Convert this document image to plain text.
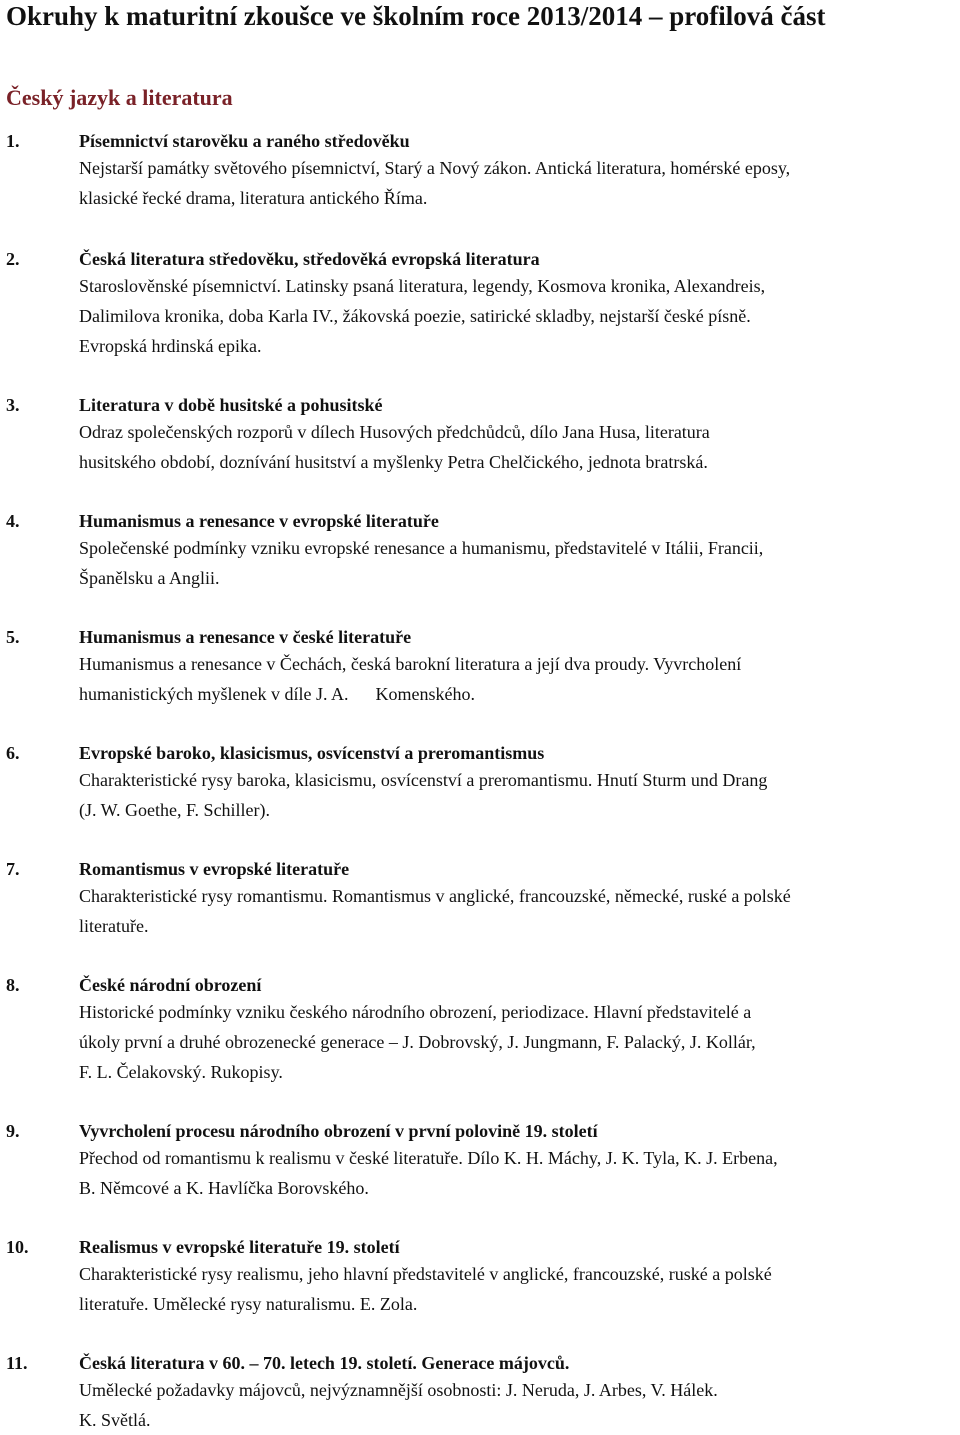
Okruhy k maturitní zkoušce ve školním roce 2013/2014 – profilová část
Český jazyk a literatura
1.	Písemnictví starověku a raného středověku
Nejstarší památky světového písemnictví, Starý a Nový zákon. Antická literatura, homérské eposy,
klasické řecké drama, literatura antického Říma.
2.	Česká literatura středověku, středověká evropská literatura
Staroslověnské písemnictví. Latinsky psaná literatura, legendy, Kosmova kronika, Alexandreis,
Dalimilova kronika, doba Karla IV., žákovská poezie, satirické skladby, nejstarší české písně.
Evropská hrdinská epika.
3.	Literatura v době husitské a pohusitské
Odraz společenských rozporů v dílech Husových předchůdců, dílo Jana Husa, literatura
husitského období, doznívání husitství a myšlenky Petra Chelčického, jednota bratrská.
4.	Humanismus a renesance v evropské literatuře
Společenské podmínky vzniku evropské renesance a humanismu, představitelé v Itálii, Francii,
Španělsku a Anglii.
5.	Humanismus a renesance v české literatuře
Humanismus a renesance v Čechách, česká barokní literatura a její dva proudy. Vyvrcholení
humanistických myšlenek v díle J. A.      Komenského.
6.	Evropské baroko, klasicismus, osvícenství a preromantismus
Charakteristické rysy baroka, klasicismu, osvícenství a preromantismu. Hnutí Sturm und Drang
(J. W. Goethe, F. Schiller).
7.	Romantismus v evropské literatuře
Charakteristické rysy romantismu. Romantismus v anglické, francouzské, německé, ruské a polské
literatuře.
8.	České národní obrození
Historické podmínky vzniku českého národního obrození, periodizace. Hlavní představitelé a
úkoly první a druhé obrozenecké generace – J. Dobrovský, J. Jungmann, F. Palacký, J. Kollár,
F. L. Čelakovský. Rukopisy.
9.	Vyvrcholení procesu národního obrození v první polovině 19. století
Přechod od romantismu k realismu v české literatuře. Dílo K. H. Máchy, J. K. Tyla, K. J. Erbena,
B. Němcové a K. Havlíčka Borovského.
10.	Realismus v evropské literatuře 19. století
Charakteristické rysy realismu, jeho hlavní představitelé v anglické, francouzské, ruské a polské
literatuře. Umělecké rysy naturalismu. E. Zola.
11.	Česká literatura v 60. – 70. letech 19. století. Generace májovců.
Umělecké požadavky májovců, nejvýznamnější osobnosti: J. Neruda, J. Arbes, V. Hálek.
K. Světlá.
